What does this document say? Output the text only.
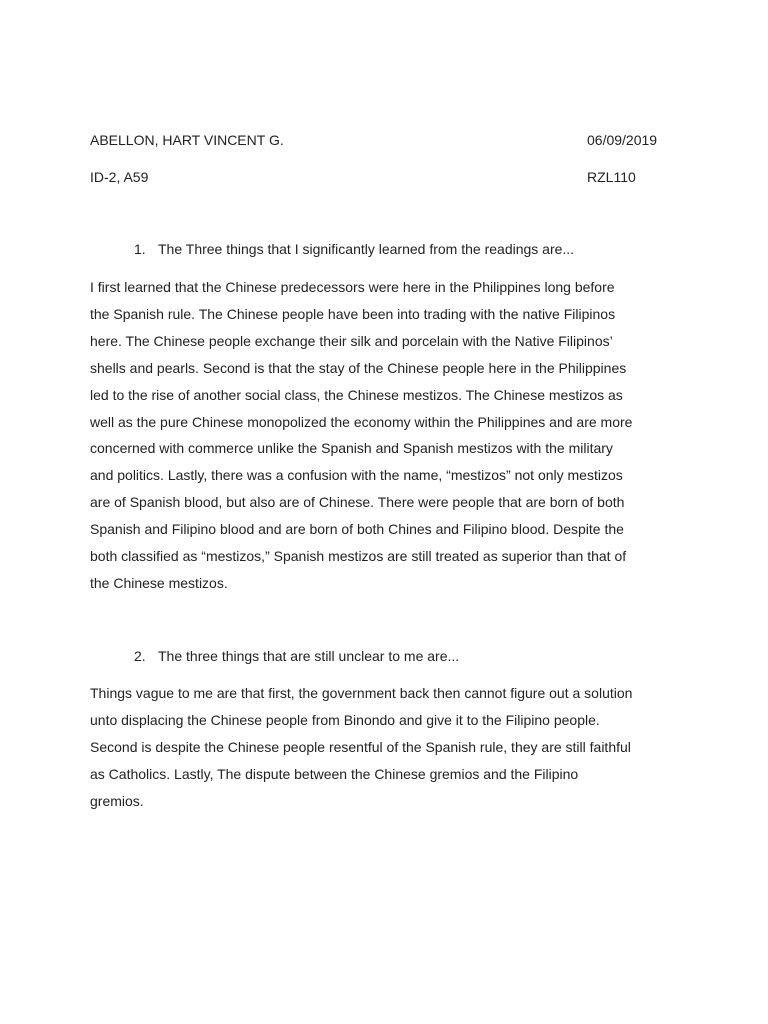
ABELLON, HART VINCENT G.	06/09/2019
ID-2, A59	RZL110
1. The Three things that I significantly learned from the readings are...

I first learned that the Chinese predecessors were here in the Philippines long before
the Spanish rule. The Chinese people have been into trading with the native Filipinos
here. The Chinese people exchange their silk and porcelain with the Native Filipinos’
shells and pearls. Second is that the stay of the Chinese people here in the Philippines
led to the rise of another social class, the Chinese mestizos. The Chinese mestizos as
well as the pure Chinese monopolized the economy within the Philippines and are more
concerned with commerce unlike the Spanish and Spanish mestizos with the military
and politics. Lastly, there was a confusion with the name, “mestizos” not only mestizos
are of Spanish blood, but also are of Chinese. There were people that are born of both
Spanish and Filipino blood and are born of both Chines and Filipino blood. Despite the
both classified as “mestizos,” Spanish mestizos are still treated as superior than that of
the Chinese mestizos.

2. The three things that are still unclear to me are...

Things vague to me are that first, the government back then cannot figure out a solution
unto displacing the Chinese people from Binondo and give it to the Filipino people.
Second is despite the Chinese people resentful of the Spanish rule, they are still faithful
as Catholics. Lastly, The dispute between the Chinese gremios and the Filipino
gremios.
